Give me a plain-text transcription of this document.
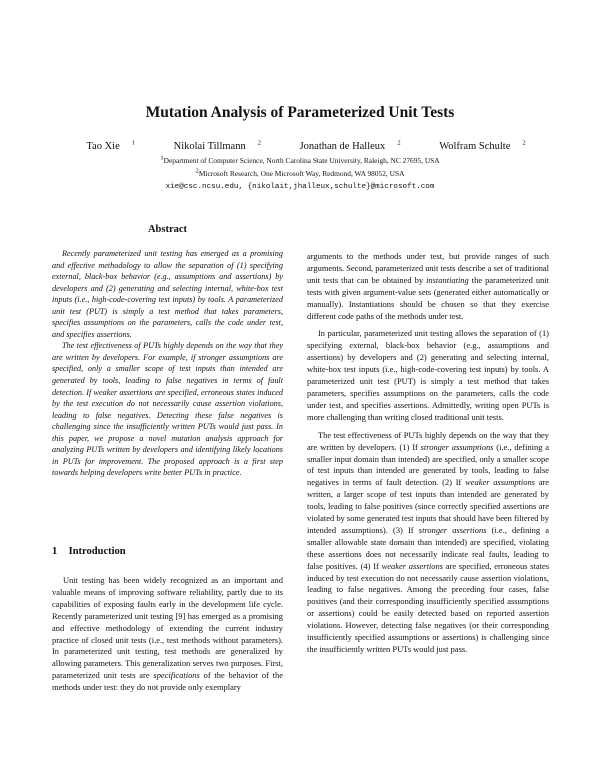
Mutation Analysis of Parameterized Unit Tests
Tao Xie $^1$	Nikolai Tillmann $^2$	Jonathan de Halleux $^2$	Wolfram Schulte $^2$
$^1$Department of Computer Science, North Carolina State University, Raleigh, NC 27695, USA
$^2$Microsoft Research, One Microsoft Way, Redmond, WA 98052, USA
xie@csc.ncsu.edu, {nikolait,jhalleux,schulte}@microsoft.com
Abstract

Recently parameterized unit testing has emerged as a promising and effective methodology to allow the separation of (1) specifying external, black-box behavior (e.g., assumptions and assertions) by developers and (2) generating and selecting internal, white-box test inputs (i.e., high-code-covering test inputs) by tools. A parameterized unit test (PUT) is simply a test method that takes parameters, specifies assumptions on the parameters, calls the code under test, and specifies assertions.

The test effectiveness of PUTs highly depends on the way that they are written by developers. For example, if stronger assumptions are specified, only a smaller scope of test inputs than intended are generated by tools, leading to false negatives in terms of fault detection. If weaker assertions are specified, erroneous states induced by the test execution do not necessarily cause assertion violations, leading to false negatives. Detecting these false negatives is challenging since the insufficiently written PUTs would just pass. In this paper, we propose a novel mutation analysis approach for analyzing PUTs written by developers and identifying likely locations in PUTs for improvement. The proposed approach is a first step towards helping developers write better PUTs in practice.

1 Introduction

Unit testing has been widely recognized as an important and valuable means of improving software reliability, partly due to its capabilities of exposing faults early in the development life cycle. Recently parameterized unit testing [9] has emerged as a promising and effective methodology of extending the current industry practice of closed unit tests (i.e., test methods without parameters). In parameterized unit testing, test methods are generalized by allowing parameters. This generalization serves two purposes. First, parameterized unit tests are specifications of the behavior of the methods under test: they do not provide only exemplary

arguments to the methods under test, but provide ranges of such arguments. Second, parameterized unit tests describe a set of traditional unit tests that can be obtained by instantiating the parameterized unit tests with given argument-value sets (generated either automatically or manually). Instantiations should be chosen so that they exercise different code paths of the methods under test.

In particular, parameterized unit testing allows the separation of (1) specifying external, black-box behavior (e.g., assumptions and assertions) by developers and (2) generating and selecting internal, white-box test inputs (i.e., high-code-covering test inputs) by tools. A parameterized unit test (PUT) is simply a test method that takes parameters, specifies assumptions on the parameters, calls the code under test, and specifies assertions. Admittedly, writing open PUTs is more challenging than writing closed traditional unit tests.

The test effectiveness of PUTs highly depends on the way that they are written by developers. (1) If stronger assumptions (i.e., defining a smaller input domain than intended) are specified, only a smaller scope of test inputs than intended are generated by tools, leading to false negatives in terms of fault detection. (2) If weaker assumptions are written, a larger scope of test inputs than intended are generated by tools, leading to false positives (since correctly specified assertions are violated by some generated test inputs that should have been filtered by intended assumptions). (3) If stronger assertions (i.e., defining a smaller allowable state domain than intended) are specified, violating these assertions does not necessarily indicate real faults, leading to false positives. (4) If weaker assertions are specified, erroneous states induced by test execution do not necessarily cause assertion violations, leading to false negatives. Among the preceding four cases, false positives (and their corresponding insufficiently specified assumptions or assertions) could be easily detected based on reported assertion violations. However, detecting false negatives (or their corresponding insufficiently specified assumptions or assertions) is challenging since the insufficiently written PUTs would just pass.
